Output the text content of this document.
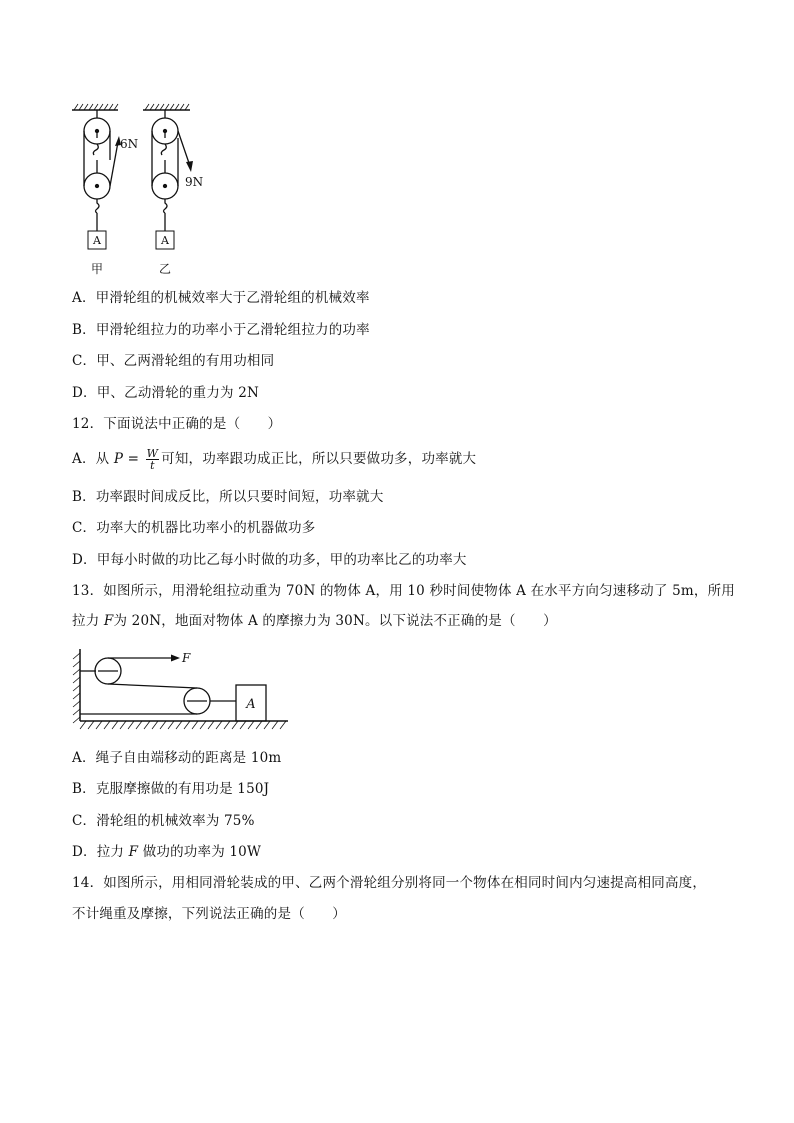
6N
A
甲
9N
A
乙
A．甲滑轮组的机械效率大于乙滑轮组的机械效率
B．甲滑轮组拉力的功率小于乙滑轮组拉力的功率
C．甲、乙两滑轮组的有用功相同
D．甲、乙动滑轮的重力为 2N
12．下面说法中正确的是（　　）
A．从 $P = \frac{W}{t}$ 可知，功率跟功成正比，所以只要做功多，功率就大
B．功率跟时间成反比，所以只要时间短，功率就大
C．功率大的机器比功率小的机器做功多
D．甲每小时做的功比乙每小时做的功多，甲的功率比乙的功率大
13．如图所示，用滑轮组拉动重为 70N 的物体 A，用 10 秒时间使物体 A 在水平方向匀速移动了 5m，所用
拉力 F为 20N，地面对物体 A 的摩擦力为 30N。以下说法不正确的是（　　）
F
A
A．绳子自由端移动的距离是 10m
B．克服摩擦做的有用功是 150J
C．滑轮组的机械效率为 75%
D．拉力 F 做功的功率为 10W
14．如图所示，用相同滑轮装成的甲、乙两个滑轮组分别将同一个物体在相同时间内匀速提高相同高度，
不计绳重及摩擦，下列说法正确的是（　　）
